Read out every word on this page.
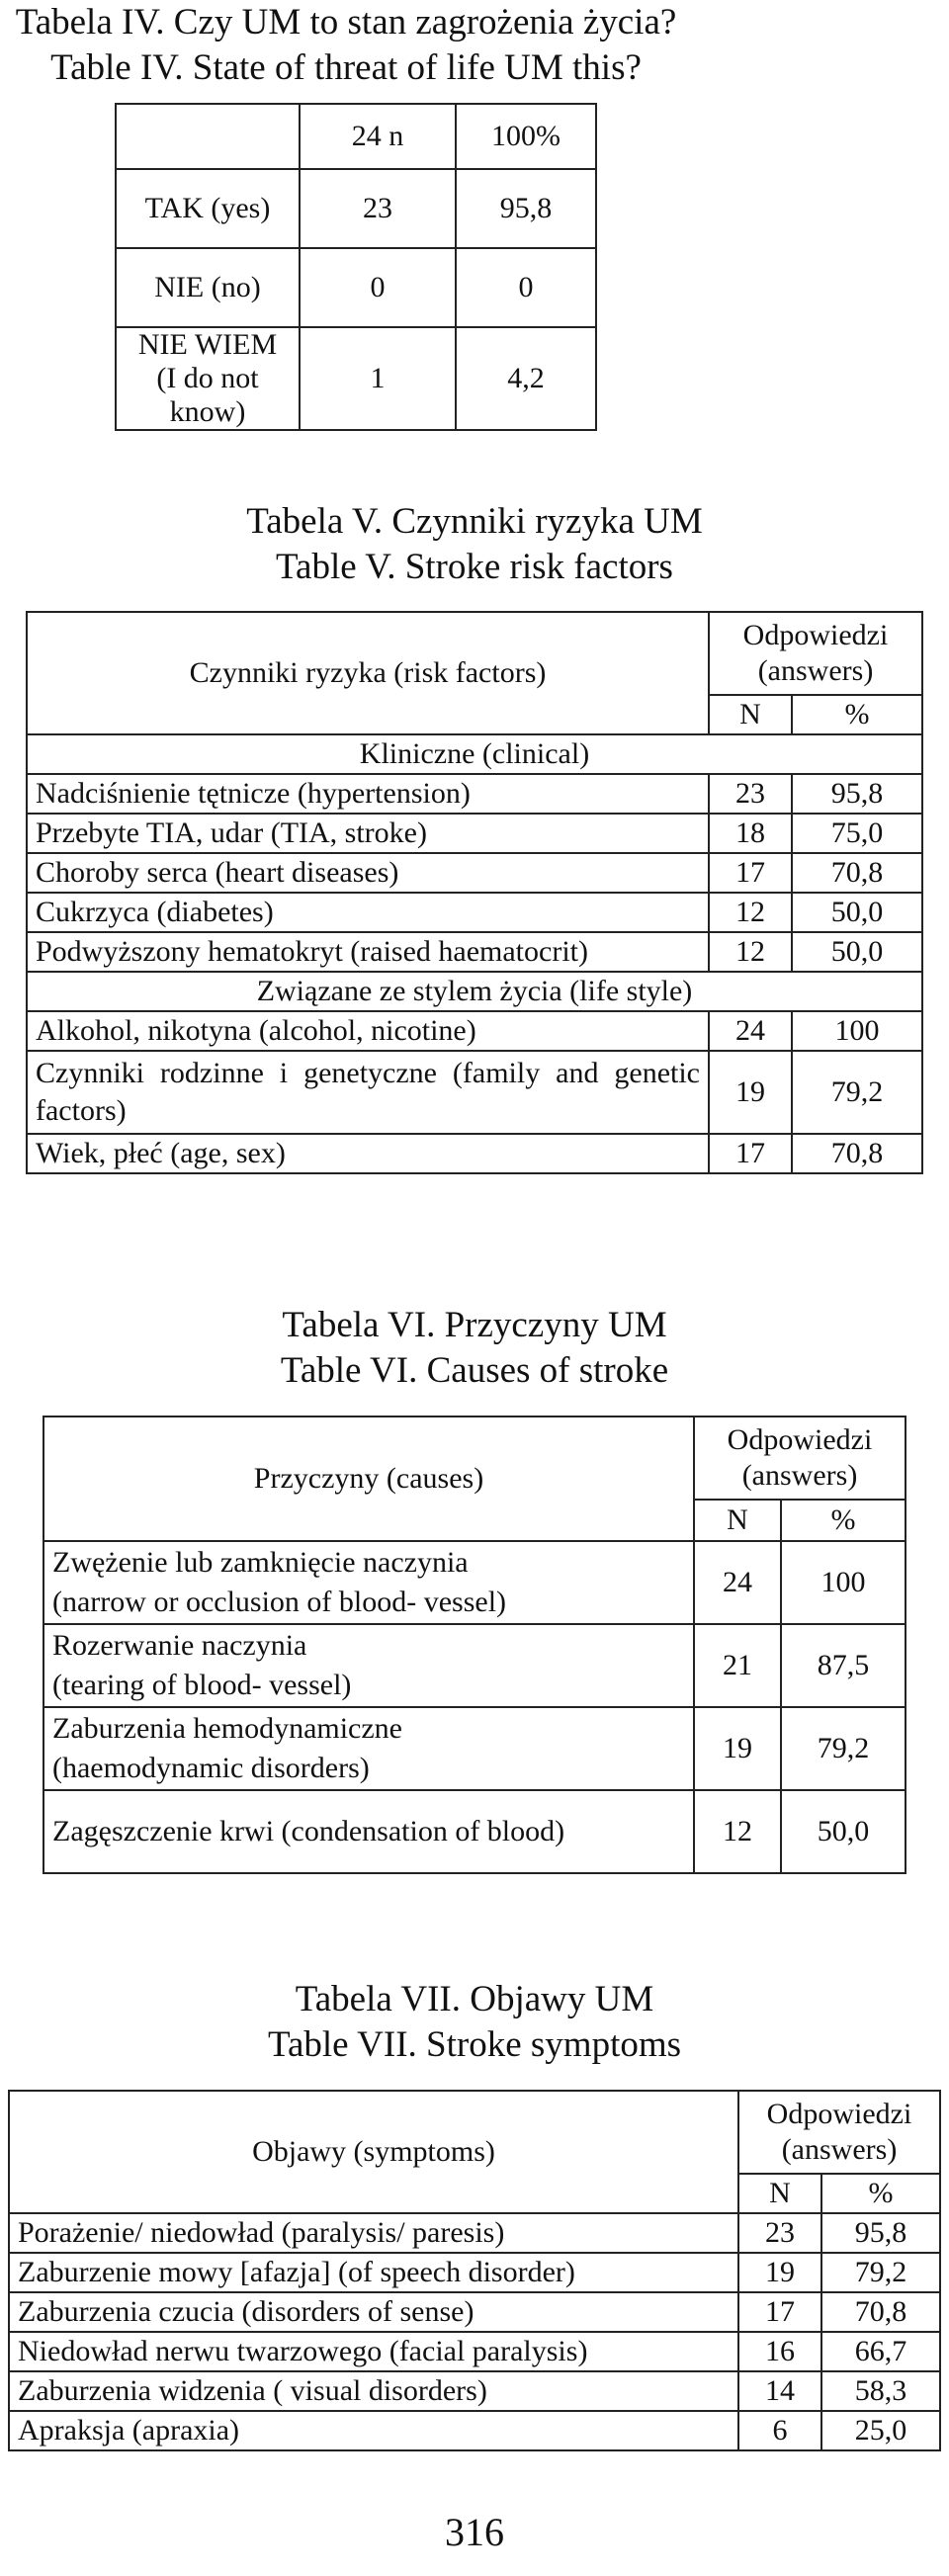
Tabela IV. Czy UM to stan zagrożenia życia?
Table IV. State of threat of life UM this?
	24 n	100%
TAK (yes)	23	95,8
NIE (no)	0	0
NIE WIEM
(I do not know)	1	4,2
Tabela V. Czynniki ryzyka UM
Table V. Stroke risk factors
Czynniki ryzyka (risk factors)	Odpowiedzi
(answers)	
	N	%
Kliniczne (clinical)		
Nadciśnienie tętnicze (hypertension)	23	95,8
Przebyte TIA, udar (TIA, stroke)	18	75,0
Choroby serca (heart diseases)	17	70,8
Cukrzyca (diabetes)	12	50,0
Podwyższony hematokryt (raised haematocrit)	12	50,0
Związane ze stylem życia (life style)		
Alkohol, nikotyna (alcohol, nicotine)	24	100
Czynniki rodzinne i genetyczne (family and genetic factors)	19	79,2
Wiek, płeć (age, sex)	17	70,8
Tabela VI. Przyczyny UM
Table VI. Causes of stroke
Przyczyny (causes)	Odpowiedzi
(answers)	
	N	%
Zwężenie lub zamknięcie naczynia
(narrow or occlusion of blood- vessel)	24	100
Rozerwanie naczynia
(tearing of blood- vessel)	21	87,5
Zaburzenia hemodynamiczne
(haemodynamic disorders)	19	79,2
Zagęszczenie krwi (condensation of blood)	12	50,0
Tabela VII. Objawy UM
Table VII. Stroke symptoms
Objawy (symptoms)	Odpowiedzi
(answers)	
	N	%
Porażenie/ niedowład (paralysis/ paresis)	23	95,8
Zaburzenie mowy [afazja] (of speech disorder)	19	79,2
Zaburzenia czucia (disorders of sense)	17	70,8
Niedowład nerwu twarzowego (facial paralysis)	16	66,7
Zaburzenia widzenia ( visual disorders)	14	58,3
Apraksja (apraxia)	6	25,0
316
